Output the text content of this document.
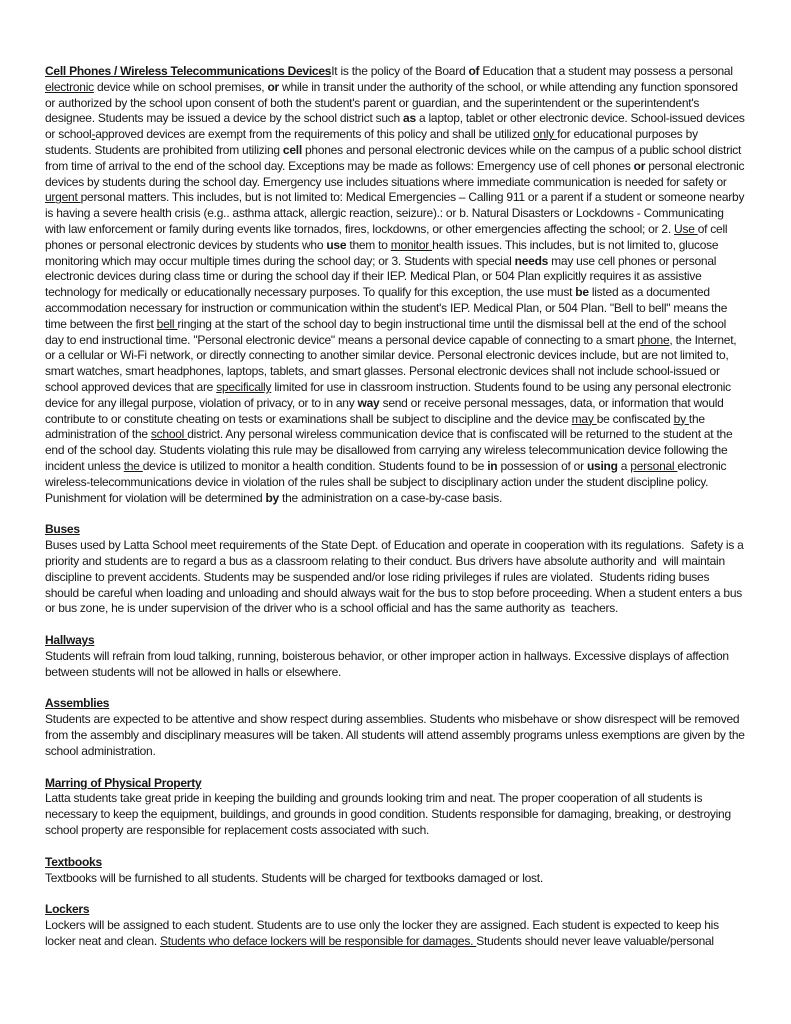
Cell Phones / Wireless Telecommunications DevicesIt is the policy of the Board of Education that a student may possess a personal electronic device while on school premises, or while in transit under the authority of the school, or while attending any function sponsored or authorized by the school upon consent of both the student's parent or guardian, and the superintendent or the superintendent's designee. Students may be issued a device by the school district such as a laptop, tablet or other electronic device. School-issued devices or school-approved devices are exempt from the requirements of this policy and shall be utilized only for educational purposes by students. Students are prohibited from utilizing cell phones and personal electronic devices while on the campus of a public school district from time of arrival to the end of the school day. Exceptions may be made as follows: Emergency use of cell phones or personal electronic devices by students during the school day. Emergency use includes situations where immediate communication is needed for safety or urgent personal matters. This includes, but is not limited to: Medical Emergencies – Calling 911 or a parent if a student or someone nearby is having a severe health crisis (e.g.. asthma attack, allergic reaction, seizure).: or b. Natural Disasters or Lockdowns - Communicating with law enforcement or family during events like tornados, fires, lockdowns, or other emergencies affecting the school; or 2. Use of cell phones or personal electronic devices by students who use them to monitor health issues. This includes, but is not limited to, glucose monitoring which may occur multiple times during the school day; or 3. Students with special needs may use cell phones or personal electronic devices during class time or during the school day if their IEP. Medical Plan, or 504 Plan explicitly requires it as assistive technology for medically or educationally necessary purposes. To qualify for this exception, the use must be listed as a documented accommodation necessary for instruction or communication within the student's IEP. Medical Plan, or 504 Plan. "Bell to bell" means the time between the first bell ringing at the start of the school day to begin instructional time until the dismissal bell at the end of the school day to end instructional time. "Personal electronic device" means a personal device capable of connecting to a smart phone, the Internet, or a cellular or Wi-Fi network, or directly connecting to another similar device. Personal electronic devices include, but are not limited to, smart watches, smart headphones, laptops, tablets, and smart glasses. Personal electronic devices shall not include school-issued or school approved devices that are specifically limited for use in classroom instruction. Students found to be using any personal electronic device for any illegal purpose, violation of privacy, or to in any way send or receive personal messages, data, or information that would contribute to or constitute cheating on tests or examinations shall be subject to discipline and the device may be confiscated by the administration of the school district. Any personal wireless communication device that is confiscated will be returned to the student at the end of the school day. Students violating this rule may be disallowed from carrying any wireless telecommunication device following the incident unless the device is utilized to monitor a health condition. Students found to be in possession of or using a personal electronic wireless-telecommunications device in violation of the rules shall be subject to disciplinary action under the student discipline policy. Punishment for violation will be determined by the administration on a case-by-case basis.

Buses

Buses used by Latta School meet requirements of the State Dept. of Education and operate in cooperation with its regulations.  Safety is a priority and students are to regard a bus as a classroom relating to their conduct. Bus drivers have absolute authority and  will maintain discipline to prevent accidents. Students may be suspended and/or lose riding privileges if rules are violated.  Students riding buses should be careful when loading and unloading and should always wait for the bus to stop before proceeding. When a student enters a bus or bus zone, he is under supervision of the driver who is a school official and has the same authority as  teachers.

Hallways

Students will refrain from loud talking, running, boisterous behavior, or other improper action in hallways. Excessive displays of affection between students will not be allowed in halls or elsewhere.

Assemblies

Students are expected to be attentive and show respect during assemblies. Students who misbehave or show disrespect will be removed from the assembly and disciplinary measures will be taken. All students will attend assembly programs unless exemptions are given by the school administration.

Marring of Physical Property

Latta students take great pride in keeping the building and grounds looking trim and neat. The proper cooperation of all students is necessary to keep the equipment, buildings, and grounds in good condition. Students responsible for damaging, breaking, or destroying school property are responsible for replacement costs associated with such.

Textbooks

Textbooks will be furnished to all students. Students will be charged for textbooks damaged or lost.

Lockers

Lockers will be assigned to each student. Students are to use only the locker they are assigned. Each student is expected to keep his locker neat and clean. Students who deface lockers will be responsible for damages. Students should never leave valuable/personal
